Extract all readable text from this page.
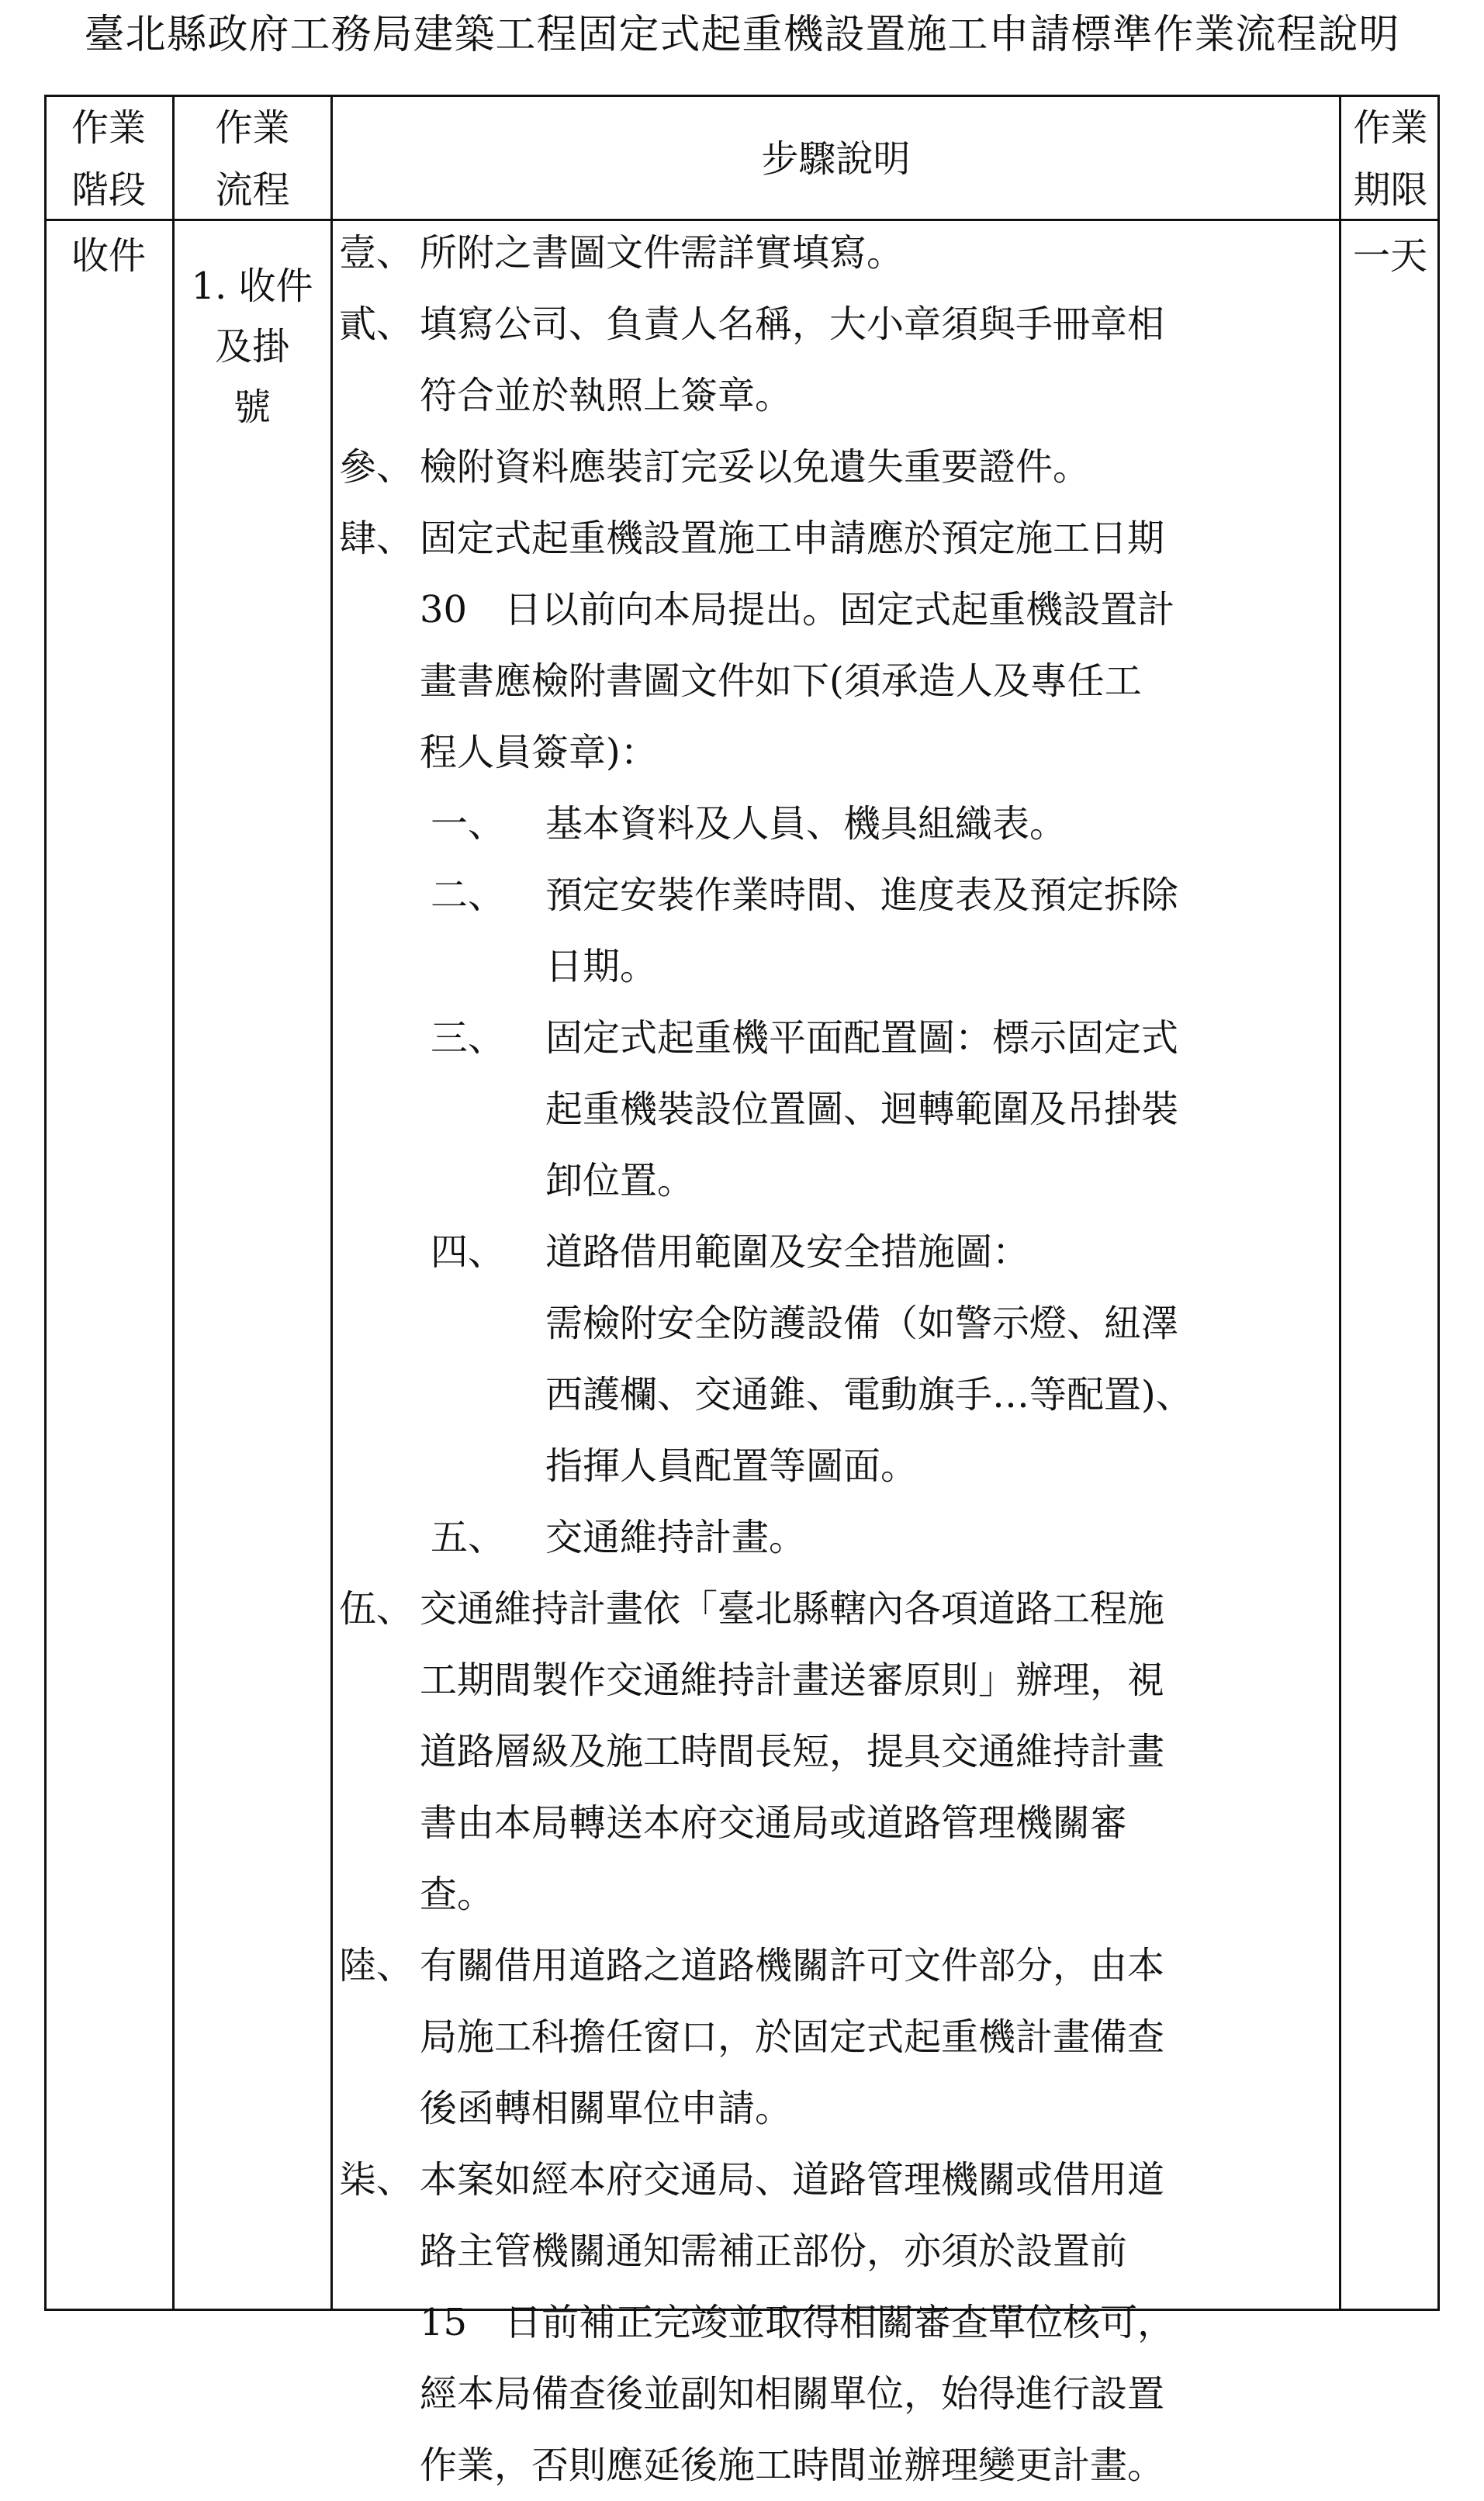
臺北縣政府工務局建築工程固定式起重機設置施工申請標準作業流程說明
作業
階段
作業
流程
步驟說明
作業
期限
收件
1. 收件
及掛
號
一天
壹、 所附之書圖文件需詳實填寫。
貳、 填寫公司、負責人名稱，大小章須與手冊章相
符合並於執照上簽章。
參、 檢附資料應裝訂完妥以免遺失重要證件。
肆、 固定式起重機設置施工申請應於預定施工日期
30　日以前向本局提出。固定式起重機設置計
畫書應檢附書圖文件如下(須承造人及專任工
程人員簽章)：
一、 基本資料及人員、機具組織表。
二、 預定安裝作業時間、進度表及預定拆除
日期。
三、 固定式起重機平面配置圖：標示固定式
起重機裝設位置圖、迴轉範圍及吊掛裝
卸位置。
四、 道路借用範圍及安全措施圖：
需檢附安全防護設備（如警示燈、紐澤
西護欄、交通錐、電動旗手…等配置)、
指揮人員配置等圖面。
五、 交通維持計畫。
伍、 交通維持計畫依「臺北縣轄內各項道路工程施
工期間製作交通維持計畫送審原則」辦理，視
道路層級及施工時間長短，提具交通維持計畫
書由本局轉送本府交通局或道路管理機關審
查。
陸、 有關借用道路之道路機關許可文件部分，由本
局施工科擔任窗口，於固定式起重機計畫備查
後函轉相關單位申請。
柒、 本案如經本府交通局、道路管理機關或借用道
路主管機關通知需補正部份，亦須於設置前
15　日前補正完竣並取得相關審查單位核可，
經本局備查後並副知相關單位，始得進行設置
作業，否則應延後施工時間並辦理變更計畫。
